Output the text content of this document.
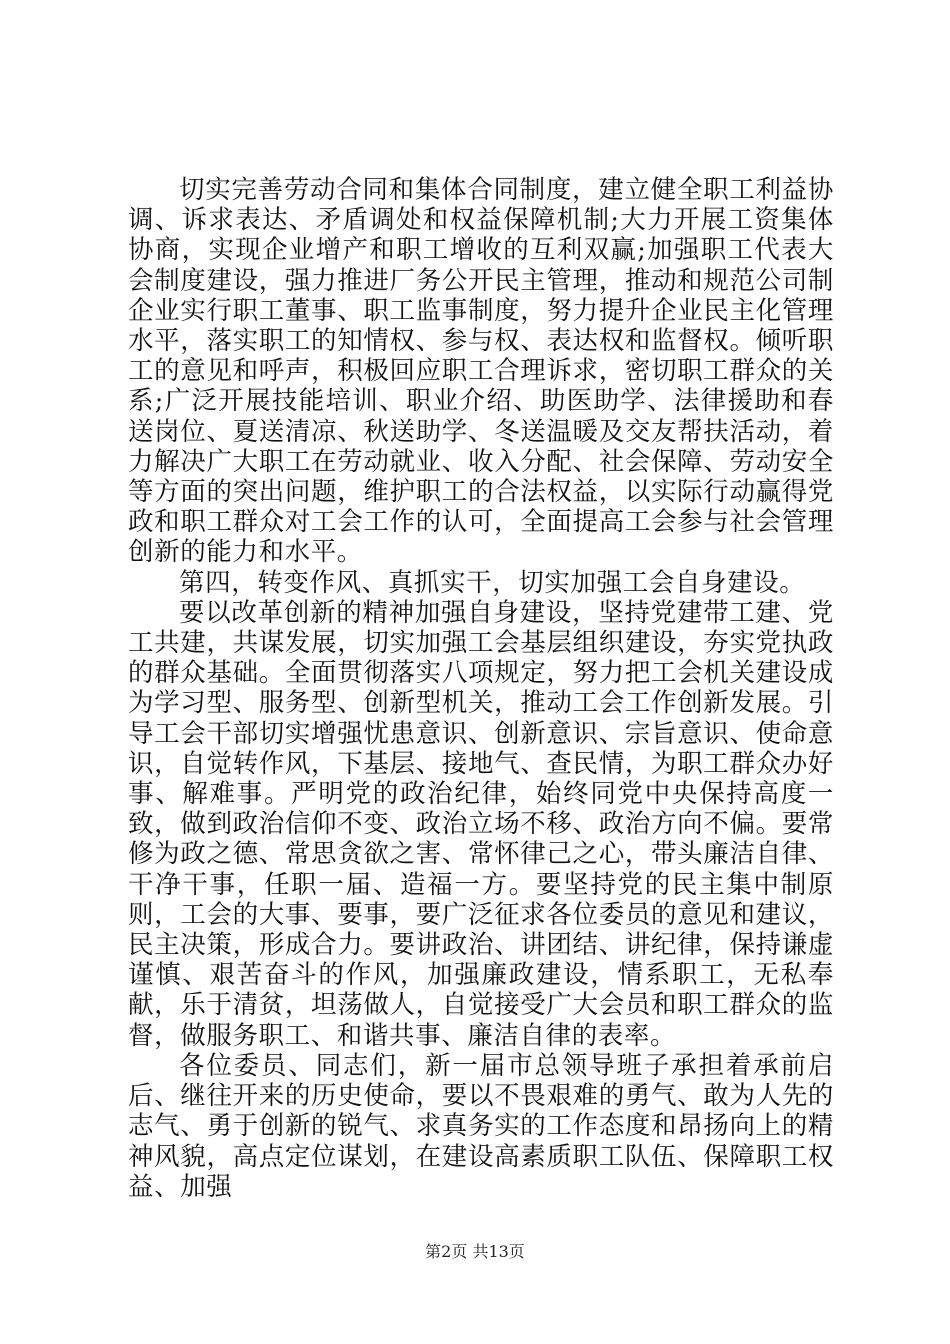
切实完善劳动合同和集体合同制度，建立健全职工利益协调、诉求表达、矛盾调处和权益保障机制;大力开展工资集体协商，实现企业增产和职工增收的互利双赢;加强职工代表大会制度建设，强力推进厂务公开民主管理，推动和规范公司制企业实行职工董事、职工监事制度，努力提升企业民主化管理水平，落实职工的知情权、参与权、表达权和监督权。倾听职工的意见和呼声，积极回应职工合理诉求，密切职工群众的关系;广泛开展技能培训、职业介绍、助医助学、法律援助和春送岗位、夏送清凉、秋送助学、冬送温暖及交友帮扶活动，着力解决广大职工在劳动就业、收入分配、社会保障、劳动安全等方面的突出问题，维护职工的合法权益，以实际行动赢得党政和职工群众对工会工作的认可，全面提高工会参与社会管理创新的能力和水平。

第四，转变作风、真抓实干，切实加强工会自身建设。

要以改革创新的精神加强自身建设，坚持党建带工建、党工共建，共谋发展，切实加强工会基层组织建设，夯实党执政的群众基础。全面贯彻落实八项规定，努力把工会机关建设成为学习型、服务型、创新型机关，推动工会工作创新发展。引导工会干部切实增强忧患意识、创新意识、宗旨意识、使命意识，自觉转作风，下基层、接地气、查民情，为职工群众办好事、解难事。严明党的政治纪律，始终同党中央保持高度一致，做到政治信仰不变、政治立场不移、政治方向不偏。要常修为政之德、常思贪欲之害、常怀律己之心，带头廉洁自律、干净干事，任职一届、造福一方。要坚持党的民主集中制原则，工会的大事、要事，要广泛征求各位委员的意见和建议，民主决策，形成合力。要讲政治、讲团结、讲纪律，保持谦虚谨慎、艰苦奋斗的作风，加强廉政建设，情系职工，无私奉献，乐于清贫，坦荡做人，自觉接受广大会员和职工群众的监督，做服务职工、和谐共事、廉洁自律的表率。

各位委员、同志们，新一届市总领导班子承担着承前启后、继往开来的历史使命，要以不畏艰难的勇气、敢为人先的志气、勇于创新的锐气、求真务实的工作态度和昂扬向上的精神风貌，高点定位谋划，在建设高素质职工队伍、保障职工权益、加强

第2页 共13页
